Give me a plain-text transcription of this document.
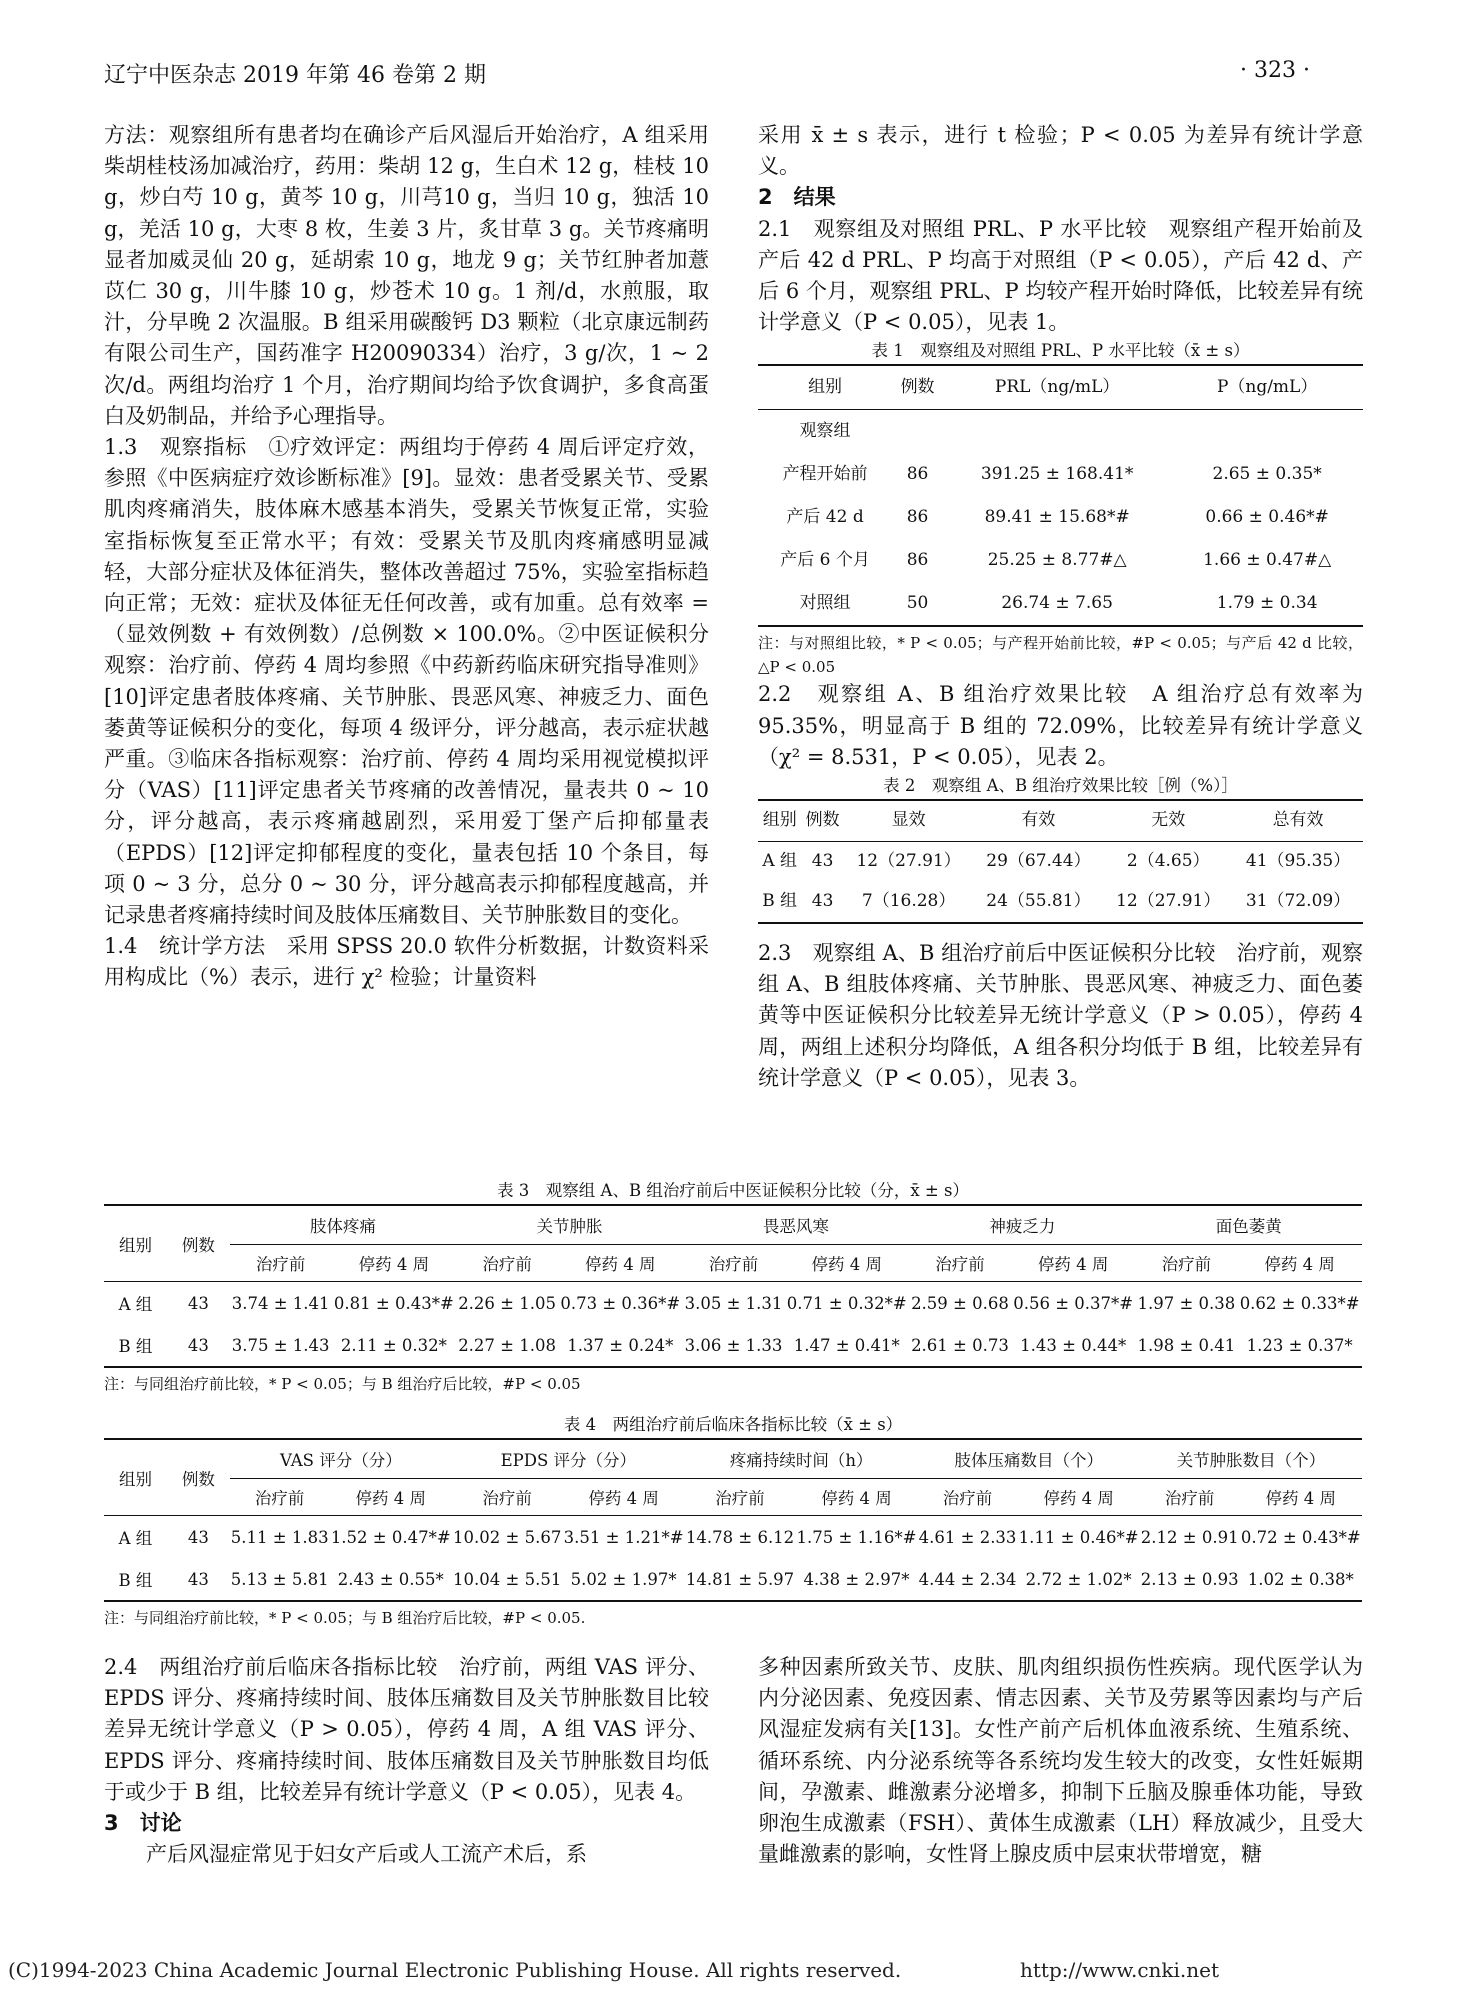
辽宁中医杂志 2019 年第 46 卷第 2 期	· 323 ·

方法：观察组所有患者均在确诊产后风湿后开始治疗，A 组采用柴胡桂枝汤加减治疗，药用：柴胡 12 g，生白术 12 g，桂枝 10 g，炒白芍 10 g，黄芩 10 g，川芎10 g，当归 10 g，独活 10 g，羌活 10 g，大枣 8 枚，生姜 3 片，炙甘草 3 g。关节疼痛明显者加威灵仙 20 g，延胡索 10 g，地龙 9 g；关节红肿者加薏苡仁 30 g，川牛膝 10 g，炒苍术 10 g。1 剂/d，水煎服，取汁，分早晚 2 次温服。B 组采用碳酸钙 D3 颗粒（北京康远制药有限公司生产，国药准字 H20090334）治疗，3 g/次，1 ~ 2 次/d。两组均治疗 1 个月，治疗期间均给予饮食调护，多食高蛋白及奶制品，并给予心理指导。

1.3　观察指标　①疗效评定：两组均于停药 4 周后评定疗效，参照《中医病症疗效诊断标准》[9]。显效：患者受累关节、受累肌肉疼痛消失，肢体麻木感基本消失，受累关节恢复正常，实验室指标恢复至正常水平；有效：受累关节及肌肉疼痛感明显减轻，大部分症状及体征消失，整体改善超过 75%，实验室指标趋向正常；无效：症状及体征无任何改善，或有加重。总有效率 =（显效例数 + 有效例数）/总例数 × 100.0%。②中医证候积分观察：治疗前、停药 4 周均参照《中药新药临床研究指导准则》[10]评定患者肢体疼痛、关节肿胀、畏恶风寒、神疲乏力、面色萎黄等证候积分的变化，每项 4 级评分，评分越高，表示症状越严重。③临床各指标观察：治疗前、停药 4 周均采用视觉模拟评分（VAS）[11]评定患者关节疼痛的改善情况，量表共 0 ~ 10 分，评分越高，表示疼痛越剧烈，采用爱丁堡产后抑郁量表（EPDS）[12]评定抑郁程度的变化，量表包括 10 个条目，每项 0 ~ 3 分，总分 0 ~ 30 分，评分越高表示抑郁程度越高，并记录患者疼痛持续时间及肢体压痛数目、关节肿胀数目的变化。

1.4　统计学方法　采用 SPSS 20.0 软件分析数据，计数资料采用构成比（%）表示，进行 χ² 检验；计量资料

采用 x̄ ± s 表示，进行 t 检验；P < 0.05 为差异有统计学意义。

2　结果

2.1　观察组及对照组 PRL、P 水平比较　观察组产程开始前及产后 42 d PRL、P 均高于对照组（P < 0.05），产后 42 d、产后 6 个月，观察组 PRL、P 均较产程开始时降低，比较差异有统计学意义（P < 0.05），见表 1。

表 1　观察组及对照组 PRL、P 水平比较（x̄ ± s）
组别	例数	PRL（ng/mL）	P（ng/mL）
观察组			
产程开始前	86	391.25 ± 168.41*	2.65 ± 0.35*
产后 42 d	86	89.41 ± 15.68*#	0.66 ± 0.46*#
产后 6 个月	86	25.25 ± 8.77#△	1.66 ± 0.47#△
对照组	50	26.74 ± 7.65	1.79 ± 0.34
注：与对照组比较，* P < 0.05；与产程开始前比较，#P < 0.05；与产后 42 d 比较，△P < 0.05

2.2　观察组 A、B 组治疗效果比较　A 组治疗总有效率为 95.35%，明显高于 B 组的 72.09%，比较差异有统计学意义（χ² = 8.531，P < 0.05），见表 2。

表 2　观察组 A、B 组治疗效果比较［例（%）］
组别	例数	显效	有效	无效	总有效
A 组	43	12（27.91）	29（67.44）	2（4.65）	41（95.35）
B 组	43	7（16.28）	24（55.81）	12（27.91）	31（72.09）

2.3　观察组 A、B 组治疗前后中医证候积分比较　治疗前，观察组 A、B 组肢体疼痛、关节肿胀、畏恶风寒、神疲乏力、面色萎黄等中医证候积分比较差异无统计学意义（P > 0.05），停药 4 周，两组上述积分均降低，A 组各积分均低于 B 组，比较差异有统计学意义（P < 0.05），见表 3。

表 3　观察组 A、B 组治疗前后中医证候积分比较（分，x̄ ± s）
组别	例数	肢体疼痛		关节肿胀		畏恶风寒		神疲乏力		面色萎黄	
		治疗前	停药 4 周	治疗前	停药 4 周	治疗前	停药 4 周	治疗前	停药 4 周	治疗前	停药 4 周
A 组	43	3.74 ± 1.41	0.81 ± 0.43*#	2.26 ± 1.05	0.73 ± 0.36*#	3.05 ± 1.31	0.71 ± 0.32*#	2.59 ± 0.68	0.56 ± 0.37*#	1.97 ± 0.38	0.62 ± 0.33*#
B 组	43	3.75 ± 1.43	2.11 ± 0.32*	2.27 ± 1.08	1.37 ± 0.24*	3.06 ± 1.33	1.47 ± 0.41*	2.61 ± 0.73	1.43 ± 0.44*	1.98 ± 0.41	1.23 ± 0.37*
注：与同组治疗前比较，* P < 0.05；与 B 组治疗后比较，#P < 0.05
表 4　两组治疗前后临床各指标比较（x̄ ± s）
组别	例数	VAS 评分（分）		EPDS 评分（分）		疼痛持续时间（h）		肢体压痛数目（个）		关节肿胀数目（个）	
		治疗前	停药 4 周	治疗前	停药 4 周	治疗前	停药 4 周	治疗前	停药 4 周	治疗前	停药 4 周
A 组	43	5.11 ± 1.83	1.52 ± 0.47*#	10.02 ± 5.67	3.51 ± 1.21*#	14.78 ± 6.12	1.75 ± 1.16*#	4.61 ± 2.33	1.11 ± 0.46*#	2.12 ± 0.91	0.72 ± 0.43*#
B 组	43	5.13 ± 5.81	2.43 ± 0.55*	10.04 ± 5.51	5.02 ± 1.97*	14.81 ± 5.97	4.38 ± 2.97*	4.44 ± 2.34	2.72 ± 1.02*	2.13 ± 0.93	1.02 ± 0.38*
注：与同组治疗前比较，* P < 0.05；与 B 组治疗后比较，#P < 0.05.

2.4　两组治疗前后临床各指标比较　治疗前，两组 VAS 评分、EPDS 评分、疼痛持续时间、肢体压痛数目及关节肿胀数目比较差异无统计学意义（P > 0.05），停药 4 周，A 组 VAS 评分、EPDS 评分、疼痛持续时间、肢体压痛数目及关节肿胀数目均低于或少于 B 组，比较差异有统计学意义（P < 0.05），见表 4。

3　讨论

产后风湿症常见于妇女产后或人工流产术后，系

多种因素所致关节、皮肤、肌肉组织损伤性疾病。现代医学认为内分泌因素、免疫因素、情志因素、关节及劳累等因素均与产后风湿症发病有关[13]。女性产前产后机体血液系统、生殖系统、循环系统、内分泌系统等各系统均发生较大的改变，女性妊娠期间，孕激素、雌激素分泌增多，抑制下丘脑及腺垂体功能，导致卵泡生成激素（FSH）、黄体生成激素（LH）释放减少，且受大量雌激素的影响，女性肾上腺皮质中层束状带增宽，糖

(C)1994-2023 China Academic Journal Electronic Publishing House. All rights reserved.	http://www.cnki.net
